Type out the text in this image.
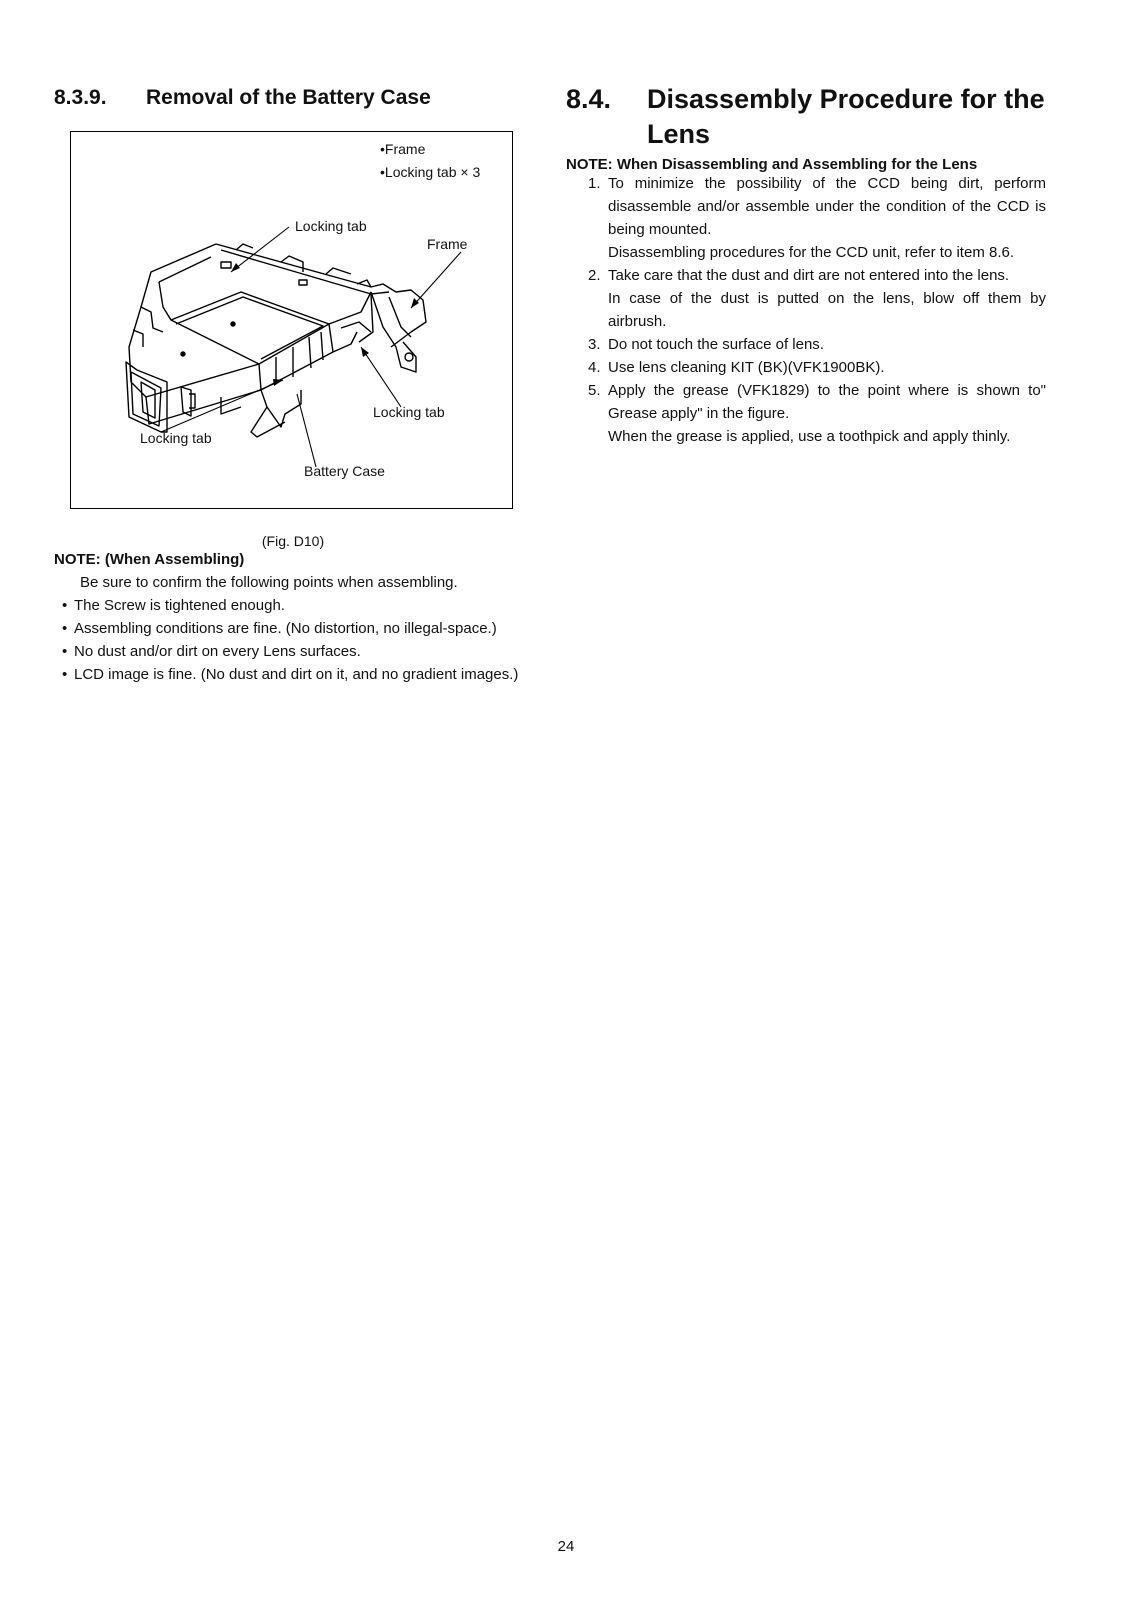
8.3.9. Removal of the Battery Case
•Frame
•Locking tab × 3
Locking tab
Frame
Locking tab
Locking tab
Battery Case
(Fig. D10)
NOTE: (When Assembling)
Be sure to confirm the following points when assembling.
• The Screw is tightened enough.
• Assembling conditions are fine. (No distortion, no illegal-space.)
• No dust and/or dirt on every Lens surfaces.
• LCD image is fine. (No dust and dirt on it, and no gradient images.)
8.4. Disassembly Procedure for the Lens
NOTE: When Disassembling and Assembling for the Lens
1. To minimize the possibility of the CCD being dirt, perform disassemble and/or assemble under the condition of the CCD is being mounted.

Disassembling procedures for the CCD unit, refer to item 8.6.

2. Take care that the dust and dirt are not entered into the lens.

In case of the dust is putted on the lens, blow off them by airbrush.

3. Do not touch the surface of lens.

4. Use lens cleaning KIT (BK)(VFK1900BK).

5. Apply the grease (VFK1829) to the point where is shown to" Grease apply" in the figure.

When the grease is applied, use a toothpick and apply thinly.

24
